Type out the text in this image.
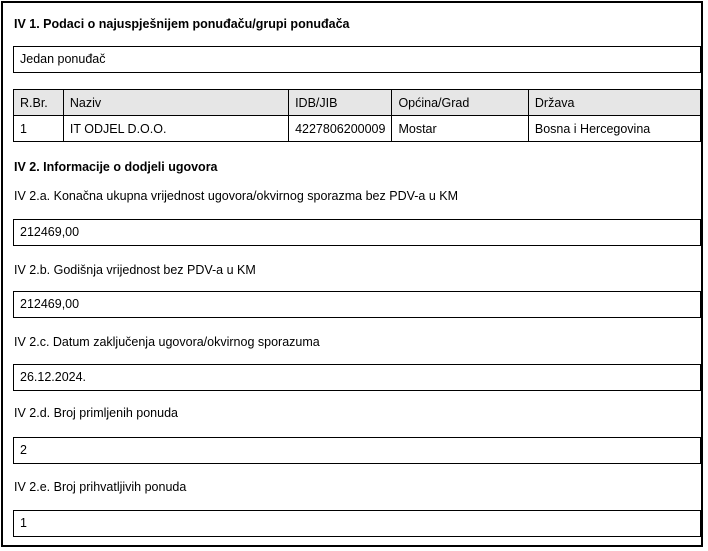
IV 1. Podaci o najuspješnijem ponuđaču/grupi ponuđača
Jedan ponuđač
R.Br.	Naziv	IDB/JIB	Općina/Grad	Država
1	IT ODJEL D.O.O.	4227806200009	Mostar	Bosna i Hercegovina
IV 2. Informacije o dodjeli ugovora
IV 2.a. Konačna ukupna vrijednost ugovora/okvirnog sporazma bez PDV-a u KM
212469,00
IV 2.b. Godišnja vrijednost bez PDV-a u KM
212469,00
IV 2.c. Datum zaključenja ugovora/okvirnog sporazuma
26.12.2024.
IV 2.d. Broj primljenih ponuda
2
IV 2.e. Broj prihvatljivih ponuda
1
